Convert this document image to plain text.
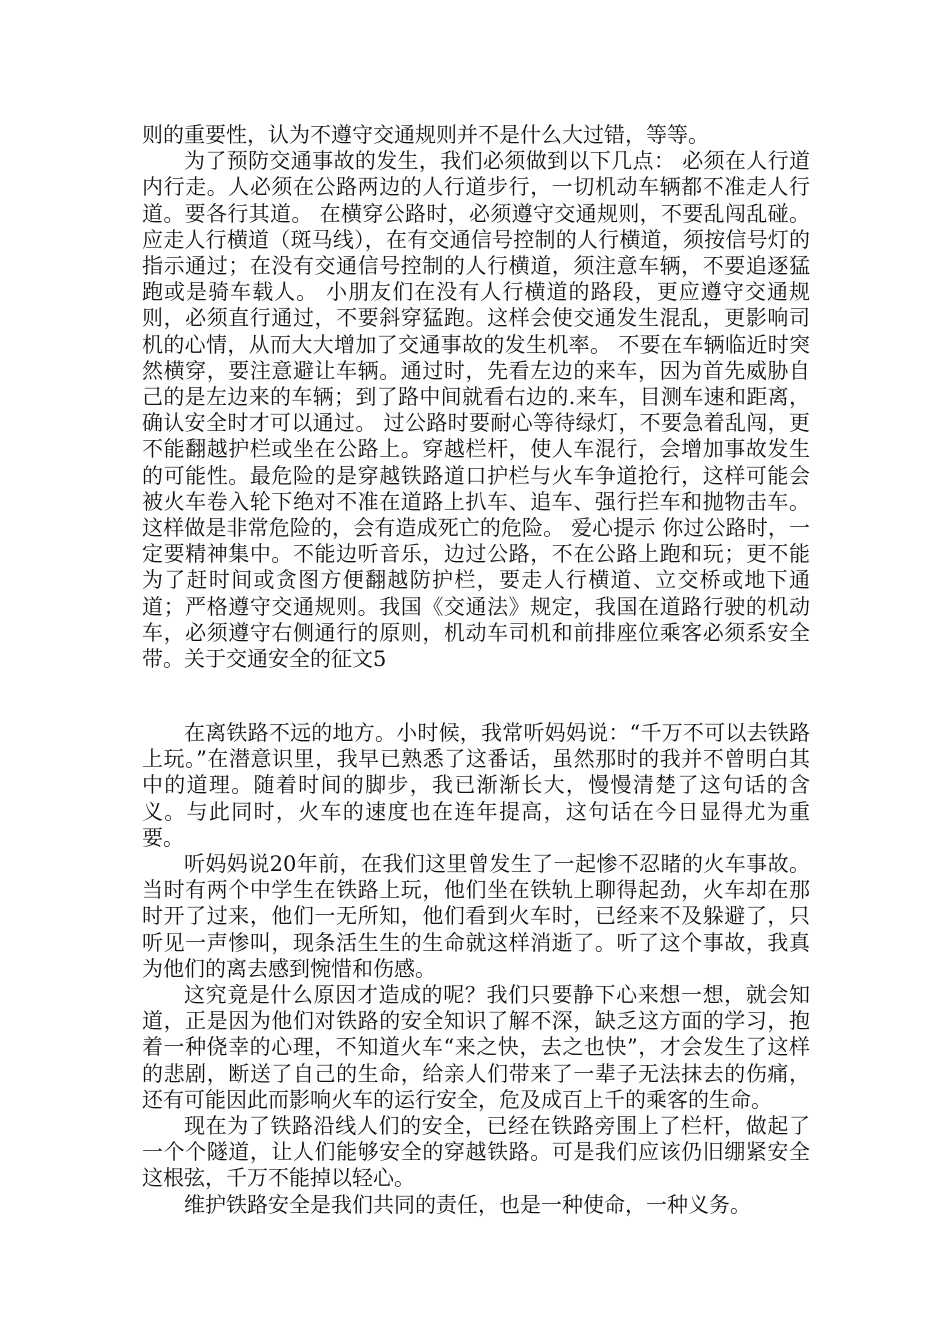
则的重要性，认为不遵守交通规则并不是什么大过错，等等。

为了预防交通事故的发生，我们必须做到以下几点： 必须在人行道内行走。人必须在公路两边的人行道步行，一切机动车辆都不准走人行道。要各行其道。 在横穿公路时，必须遵守交通规则，不要乱闯乱碰。应走人行横道（斑马线），在有交通信号控制的人行横道，须按信号灯的指示通过；在没有交通信号控制的人行横道，须注意车辆，不要追逐猛跑或是骑车载人。 小朋友们在没有人行横道的路段，更应遵守交通规则，必须直行通过，不要斜穿猛跑。这样会使交通发生混乱，更影响司机的心情，从而大大增加了交通事故的发生机率。 不要在车辆临近时突然横穿，要注意避让车辆。通过时，先看左边的来车，因为首先威胁自己的是左边来的车辆；到了路中间就看右边的.来车，目测车速和距离，确认安全时才可以通过。 过公路时要耐心等待绿灯，不要急着乱闯，更不能翻越护栏或坐在公路上。穿越栏杆，使人车混行，会增加事故发生的可能性。最危险的是穿越铁路道口护栏与火车争道抢行，这样可能会被火车卷入轮下绝对不准在道路上扒车、追车、强行拦车和抛物击车。这样做是非常危险的，会有造成死亡的危险。 爱心提示 你过公路时，一定要精神集中。不能边听音乐，边过公路，不在公路上跑和玩；更不能为了赶时间或贪图方便翻越防护栏，要走人行横道、立交桥或地下通道；严格遵守交通规则。我国《交通法》规定，我国在道路行驶的机动车，必须遵守右侧通行的原则，机动车司机和前排座位乘客必须系安全带。关于交通安全的征文5

在离铁路不远的地方。小时候，我常听妈妈说：“千万不可以去铁路上玩。”在潜意识里，我早已熟悉了这番话，虽然那时的我并不曾明白其中的道理。随着时间的脚步，我已渐渐长大，慢慢清楚了这句话的含义。与此同时，火车的速度也在连年提高，这句话在今日显得尤为重要。

听妈妈说20年前，在我们这里曾发生了一起惨不忍睹的火车事故。当时有两个中学生在铁路上玩，他们坐在铁轨上聊得起劲，火车却在那时开了过来，他们一无所知，他们看到火车时，已经来不及躲避了，只听见一声惨叫，现条活生生的生命就这样消逝了。听了这个事故，我真为他们的离去感到惋惜和伤感。

这究竟是什么原因才造成的呢？我们只要静下心来想一想，就会知道，正是因为他们对铁路的安全知识了解不深，缺乏这方面的学习，抱着一种侥幸的心理，不知道火车“来之快，去之也快”，才会发生了这样的悲剧，断送了自己的生命，给亲人们带来了一辈子无法抹去的伤痛，还有可能因此而影响火车的运行安全，危及成百上千的乘客的生命。

现在为了铁路沿线人们的安全，已经在铁路旁围上了栏杆，做起了一个个隧道，让人们能够安全的穿越铁路。可是我们应该仍旧绷紧安全这根弦，千万不能掉以轻心。

维护铁路安全是我们共同的责任，也是一种使命，一种义务。
